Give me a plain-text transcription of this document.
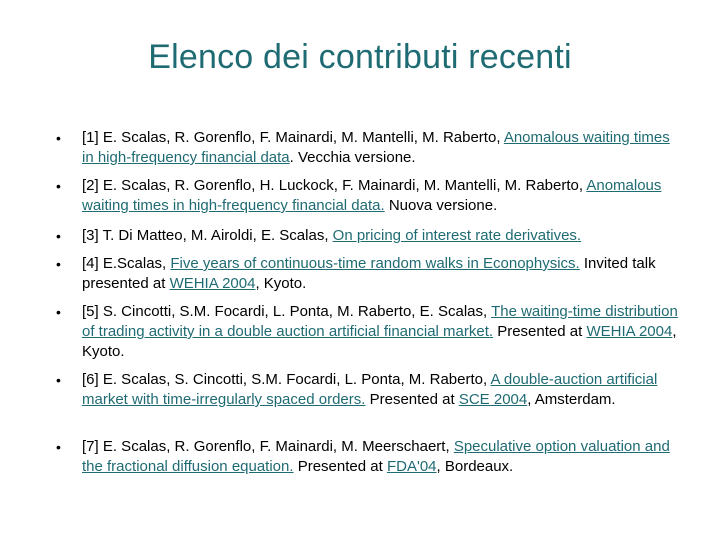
Elenco dei contributi recenti
• [1] E. Scalas, R. Gorenflo, F. Mainardi, M. Mantelli, M. Raberto, Anomalous waiting times in high-frequency financial data. Vecchia versione.
• [2] E. Scalas, R. Gorenflo, H. Luckock, F. Mainardi, M. Mantelli, M. Raberto, Anomalous waiting times in high-frequency financial data. Nuova versione.
• [3] T. Di Matteo, M. Airoldi, E. Scalas, On pricing of interest rate derivatives.
• [4] E.Scalas, Five years of continuous-time random walks in Econophysics. Invited talk presented at WEHIA 2004, Kyoto.
• [5] S. Cincotti, S.M. Focardi, L. Ponta, M. Raberto, E. Scalas, The waiting-time distribution of trading activity in a double auction artificial financial market. Presented at WEHIA 2004, Kyoto.
• [6] E. Scalas, S. Cincotti, S.M. Focardi, L. Ponta, M. Raberto, A double-auction artificial market with time-irregularly spaced orders. Presented at SCE 2004, Amsterdam.
• [7] E. Scalas, R. Gorenflo, F. Mainardi, M. Meerschaert, Speculative option valuation and the fractional diffusion equation. Presented at FDA'04, Bordeaux.
